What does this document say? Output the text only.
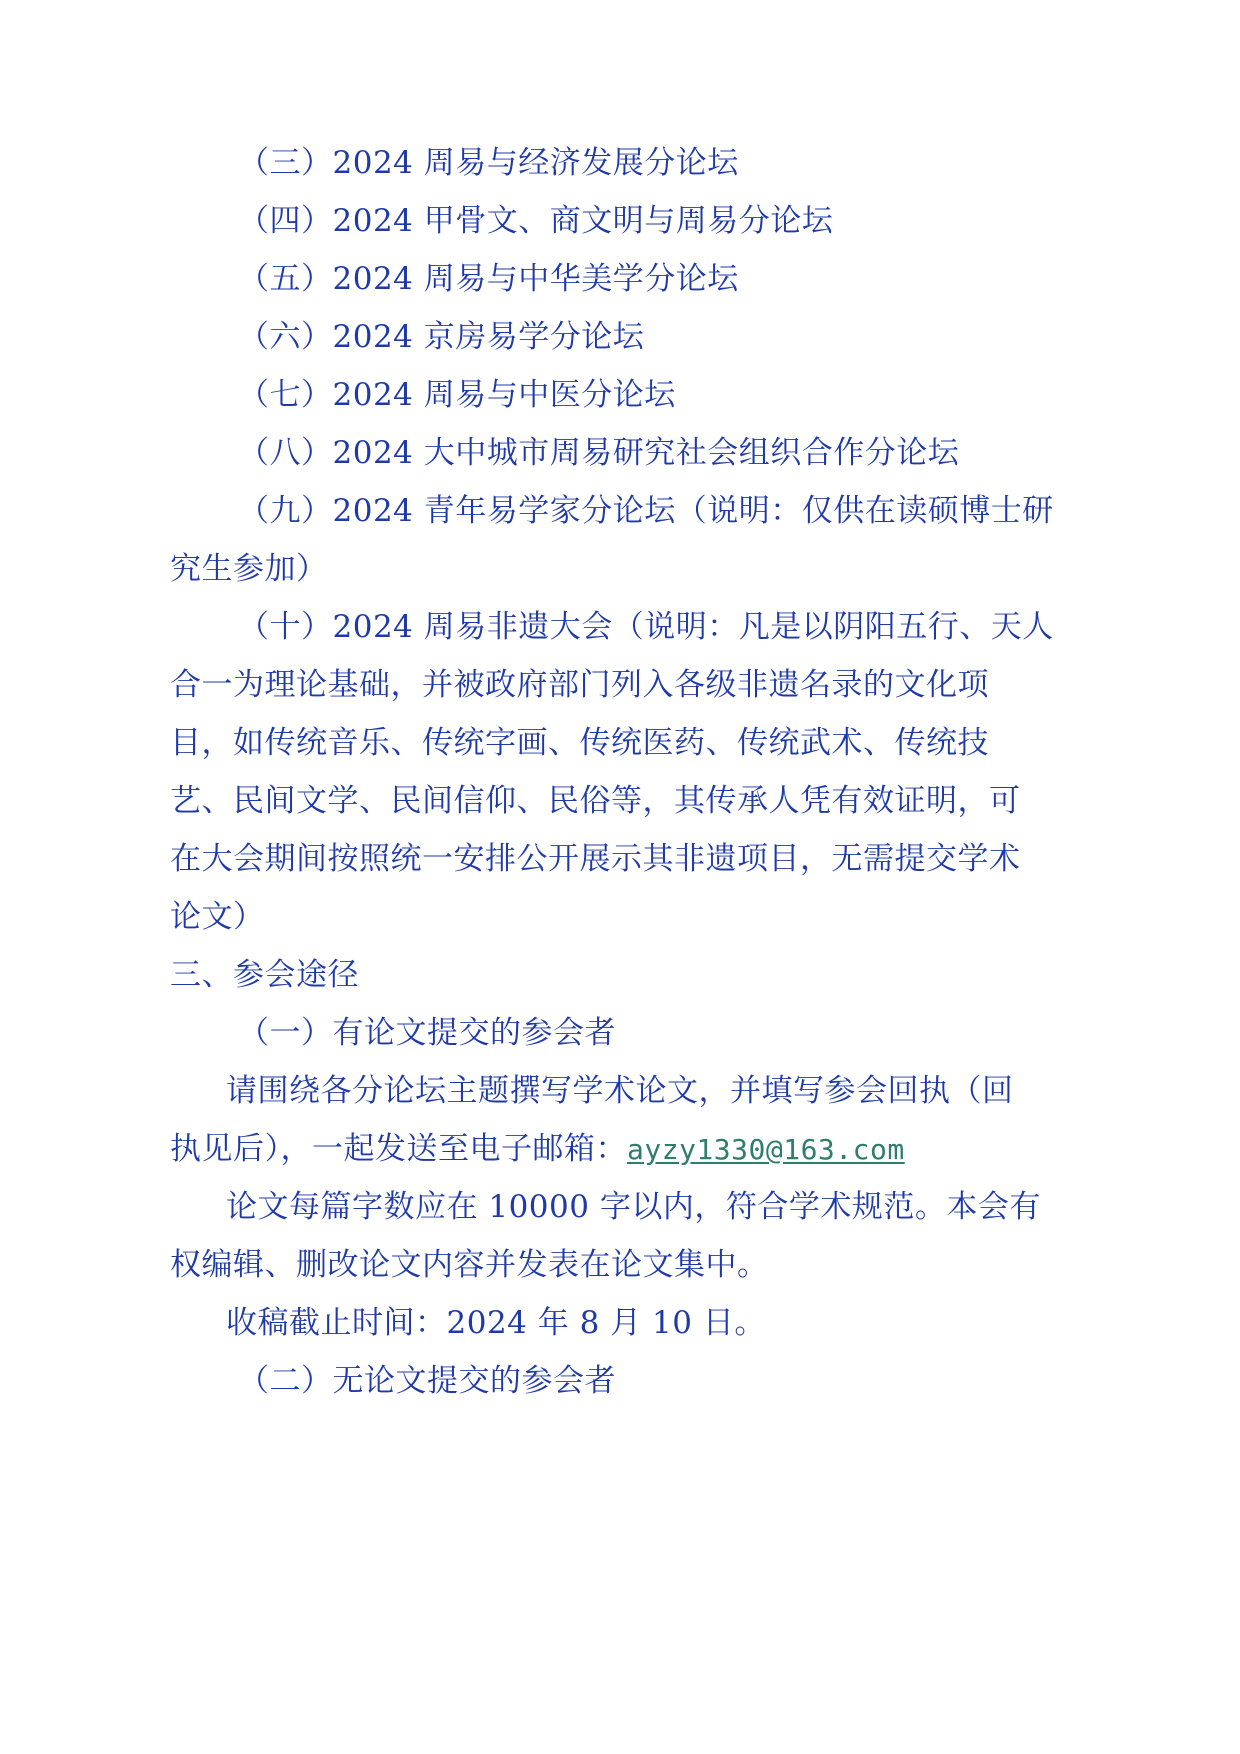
（三）2024 周易与经济发展分论坛
（四）2024 甲骨文、商文明与周易分论坛
（五）2024 周易与中华美学分论坛
（六）2024 京房易学分论坛
（七）2024 周易与中医分论坛
（八）2024 大中城市周易研究社会组织合作分论坛
（九）2024 青年易学家分论坛（说明：仅供在读硕博士研
究生参加）
（十）2024 周易非遗大会（说明：凡是以阴阳五行、天人
合一为理论基础，并被政府部门列入各级非遗名录的文化项
目，如传统音乐、传统字画、传统医药、传统武术、传统技
艺、民间文学、民间信仰、民俗等，其传承人凭有效证明，可
在大会期间按照统一安排公开展示其非遗项目，无需提交学术
论文）
三、参会途径
（一）有论文提交的参会者
请围绕各分论坛主题撰写学术论文，并填写参会回执（回
执见后），一起发送至电子邮箱：ayzy1330@163.com
论文每篇字数应在 10000 字以内，符合学术规范。本会有
权编辑、删改论文内容并发表在论文集中。
收稿截止时间：2024 年 8 月 10 日。
（二）无论文提交的参会者
